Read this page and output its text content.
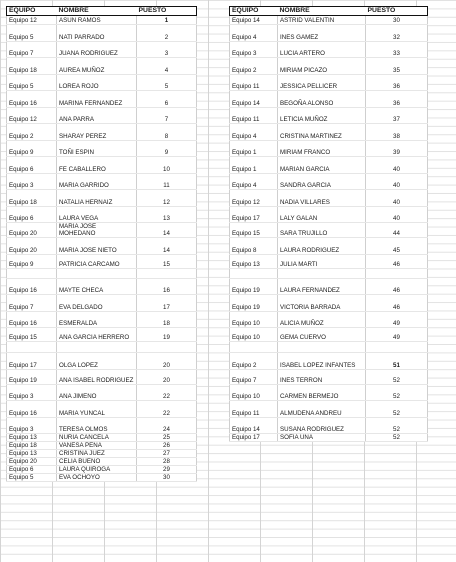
EQUIPO	NOMBRE	PUESTO
Equipo 12	ASUN RAMOS	1
Equipo 5	NATI PARRADO	2
Equipo 7	JUANA RODRIGUEZ	3
Equipo 18	AUREA MUÑOZ	4
Equipo 5	LOREA ROJO	5
Equipo 16	MARINA FERNANDEZ	6
Equipo 12	ANA PARRA	7
Equipo 2	SHARAY PEREZ	8
Equipo 9	TOÑI ESPIN	9
Equipo 6	FE CABALLERO	10
Equipo 3	MARIA GARRIDO	11
Equipo 18	NATALIA HERNAIZ	12
Equipo 6	LAURA VEGA	13
Equipo 20	MARIA JOSE MOHEDANO	14
Equipo 20	MARIA JOSE NIETO	14
Equipo 9	PATRICIA CARCAMO	15

Equipo 16	MAYTE CHECA	16
Equipo 7	EVA DELGADO	17
Equipo 16	ESMERALDA	18
Equipo 15	ANA GARCIA HERRERO	19

Equipo 17	OLGA LOPEZ	20
Equipo 19	ANA ISABEL RODRIGUEZ	20
Equipo 3	ANA JIMENO	22
Equipo 16	MARIA YUNCAL	22
Equipo 3	TERESA OLMOS	24
Equipo 13	NURIA CANCELA	25
Equipo 18	VANESA PEÑA	26
Equipo 13	CRISTINA JUEZ	27
Equipo 20	CELIA BUENO	28
Equipo 6	LAURA QUIROGA	29
Equipo 5	EVA OCHOYO	30
EQUIPO	NOMBRE	PUESTO
Equipo 14	ASTRID VALENTIN	30
Equipo 4	INES GAMEZ	32
Equipo 3	LUCIA ARTERO	33
Equipo 2	MIRIAM PICAZO	35
Equipo 11	JESSICA PELLICER	36
Equipo 14	BEGOÑA ALONSO	36
Equipo 11	LETICIA MUÑOZ	37
Equipo 4	CRISTINA MARTINEZ	38
Equipo 1	MIRIAM FRANCO	39
Equipo 1	MARIAN GARCIA	40
Equipo 4	SANDRA GARCIA	40
Equipo 12	NADIA VILLARES	40
Equipo 17	LALY GALAN	40
Equipo 15	SARA TRUJILLO	44
Equipo 8	LAURA RODRIGUEZ	45
Equipo 13	JULIA MARTI	46

Equipo 19	LAURA FERNANDEZ	46
Equipo 19	VICTORIA BARRADA	46
Equipo 10	ALICIA MUÑOZ	49
Equipo 10	GEMA CUERVO	49

Equipo 2	ISABEL LOPEZ INFANTES	51
Equipo 7	INES TERRON	52
Equipo 10	CARMEN BERMEJO	52
Equipo 11	ALMUDENA ANDREU	52
Equipo 14	SUSANA RODRIGUEZ	52
Equipo 17	SOFIA UÑA	52
